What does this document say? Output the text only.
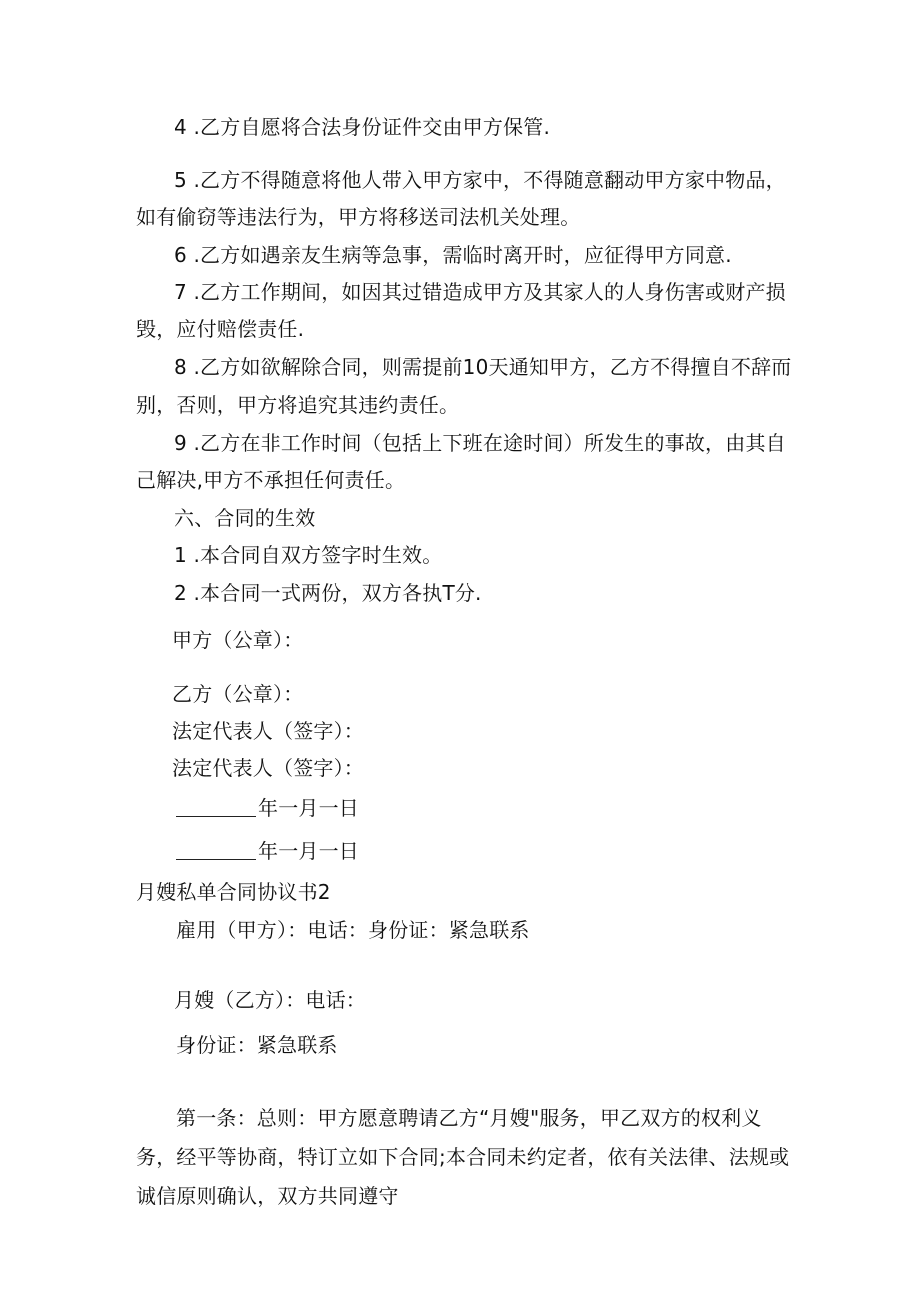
4 .乙方自愿将合法身份证件交由甲方保管.
5 .乙方不得随意将他人带入甲方家中，不得随意翻动甲方家中物品，
如有偷窃等违法行为，甲方将移送司法机关处理。
6 .乙方如遇亲友生病等急事，需临时离开时，应征得甲方同意.
7 .乙方工作期间，如因其过错造成甲方及其家人的人身伤害或财产损
毁，应付赔偿责任.
8 .乙方如欲解除合同，则需提前10天通知甲方，乙方不得擅自不辞而
别，否则，甲方将追究其违约责任。
9 .乙方在非工作时间（包括上下班在途时间）所发生的事故，由其自
己解决,甲方不承担任何责任。
六、合同的生效
1 .本合同自双方签字时生效。
2 .本合同一式两份，双方各执T分.
甲方（公章）：
乙方（公章）：
法定代表人（签字）：
法定代表人（签字）：
年一月一日
年一月一日
月嫂私单合同协议书2
雇用（甲方）：电话：身份证：紧急联系
月嫂（乙方）：电话：
身份证：紧急联系
第一条：总则：甲方愿意聘请乙方“月嫂"服务，甲乙双方的权利义
务，经平等协商，特订立如下合同;本合同未约定者，依有关法律、法规或
诚信原则确认，双方共同遵守
